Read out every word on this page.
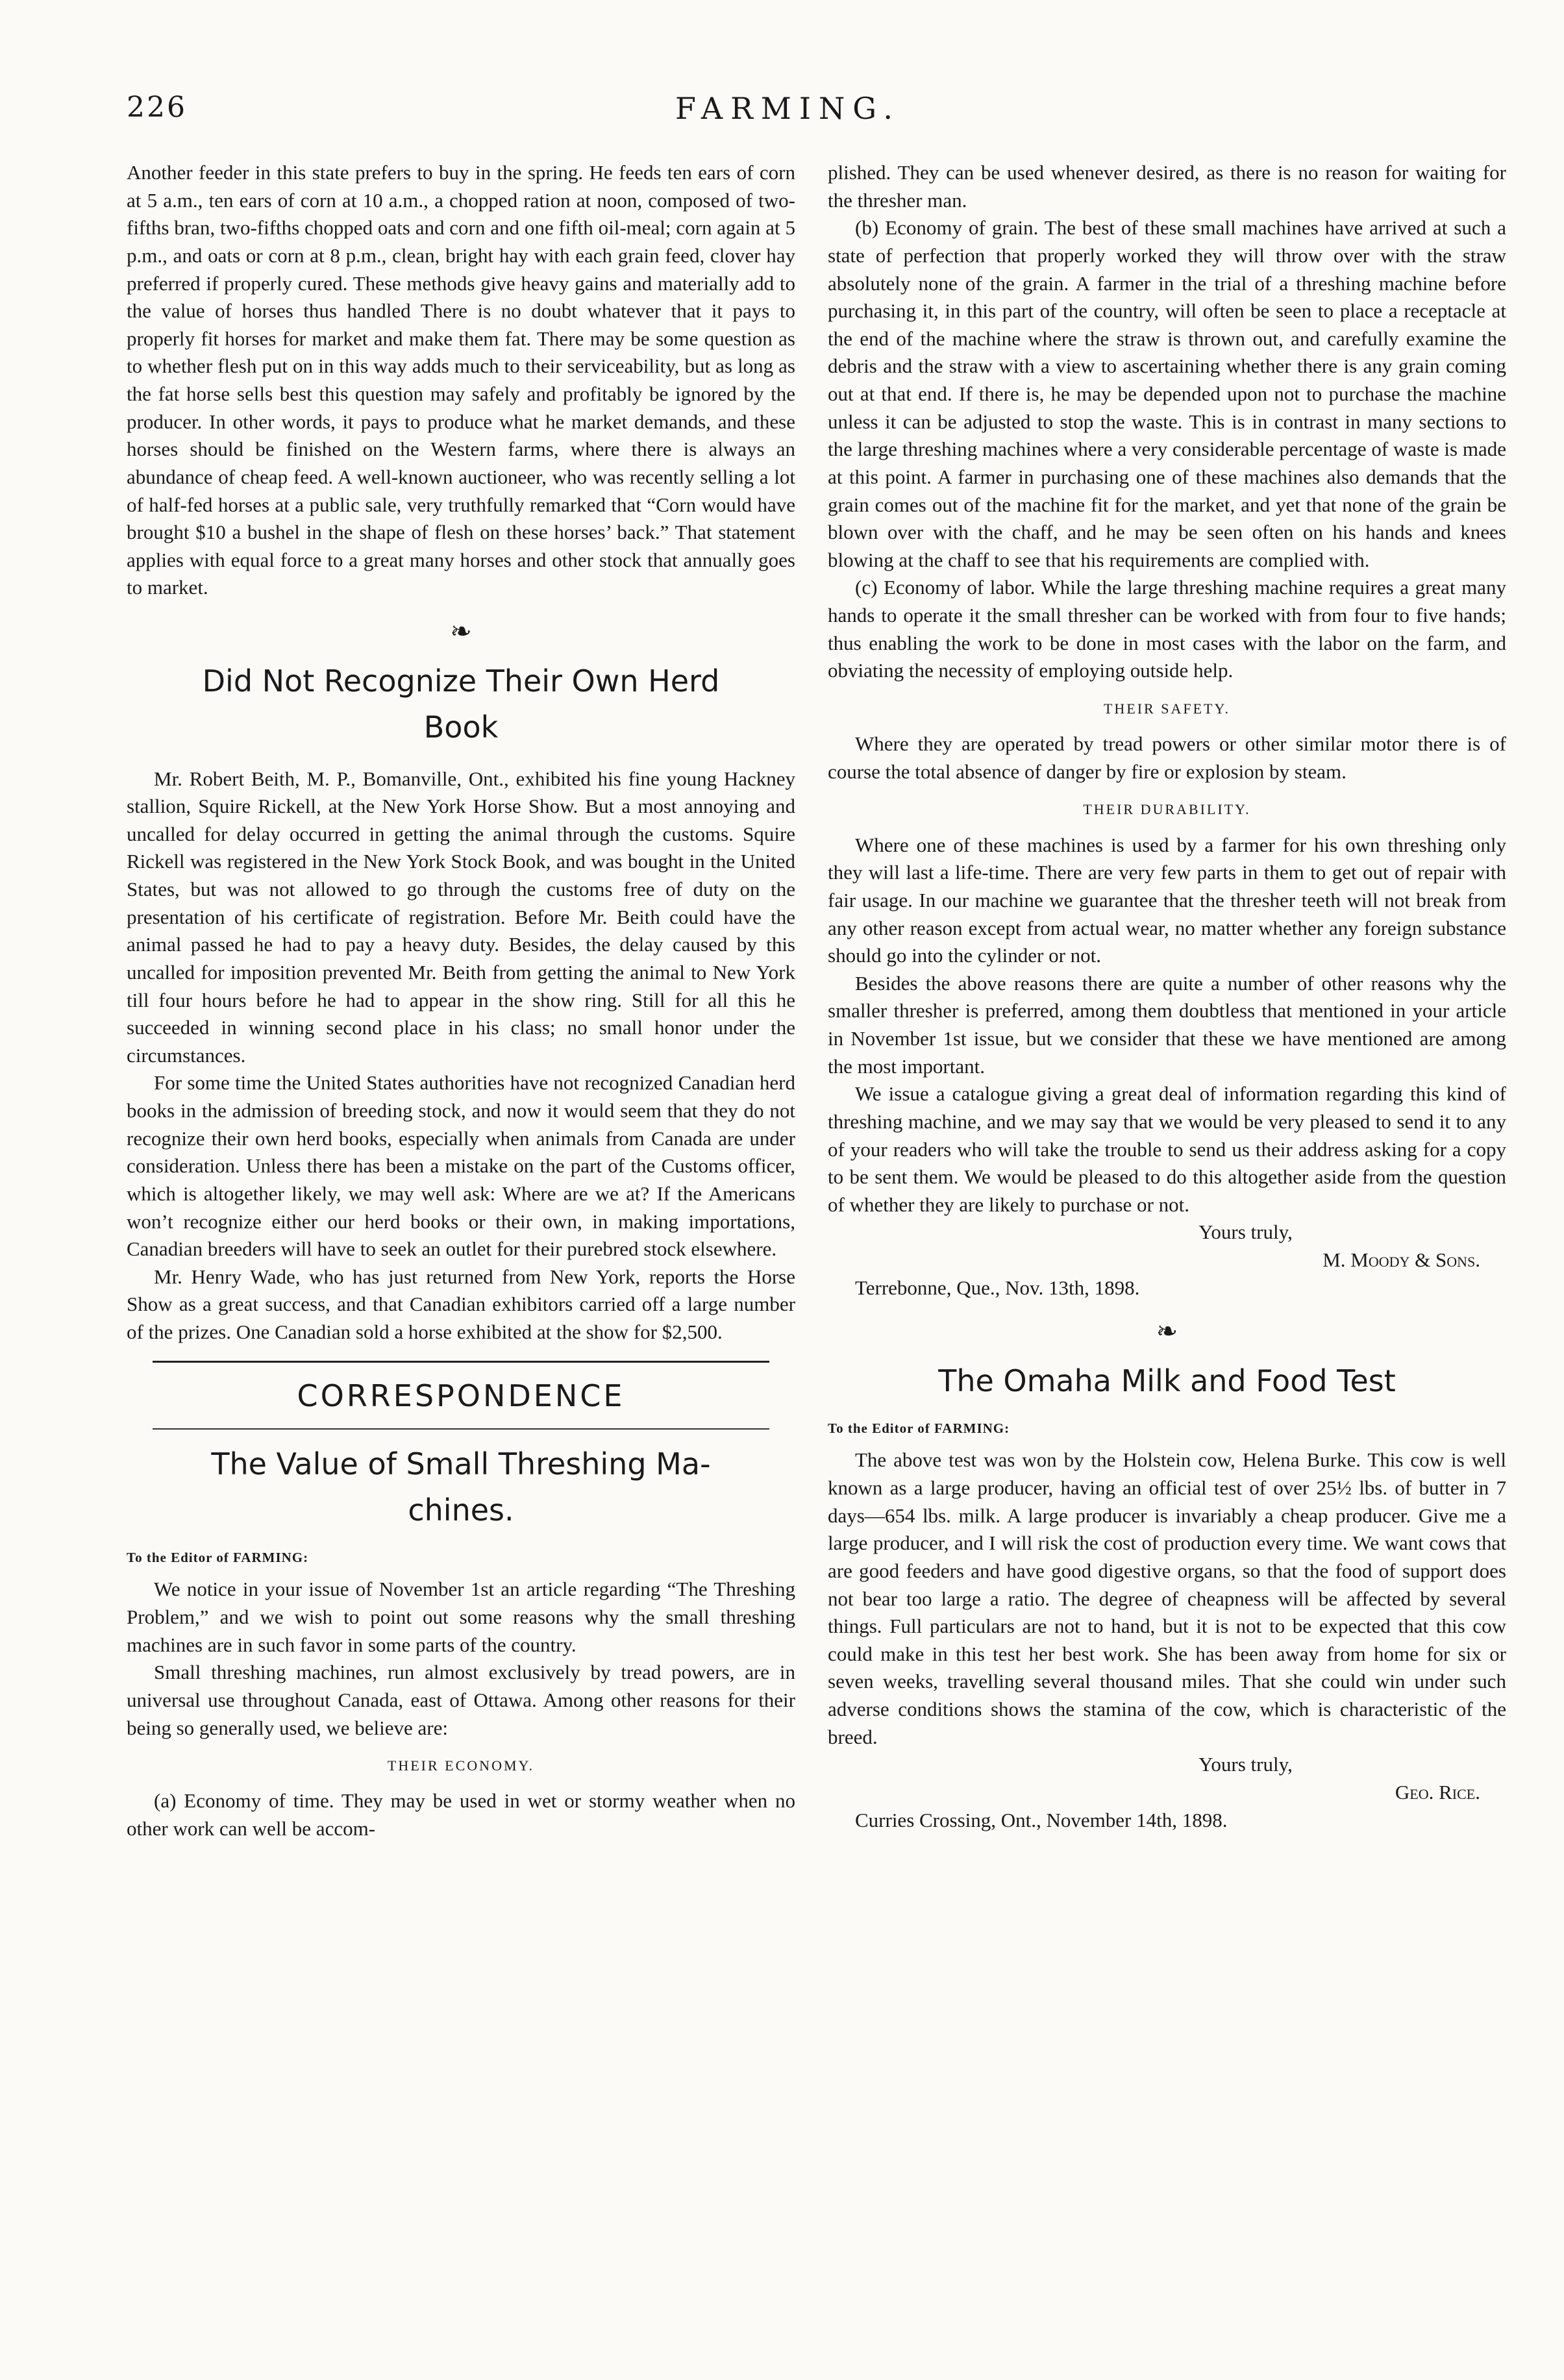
226	FARMING.

Another feeder in this state prefers to buy in the spring. He feeds ten ears of corn at 5 a.m., ten ears of corn at 10 a.m., a chopped ration at noon, composed of two-fifths bran, two-fifths chopped oats and corn and one fifth oil-meal; corn again at 5 p.m., and oats or corn at 8 p.m., clean, bright hay with each grain feed, clover hay preferred if properly cured. These methods give heavy gains and materially add to the value of horses thus handled There is no doubt whatever that it pays to properly fit horses for market and make them fat. There may be some question as to whether flesh put on in this way adds much to their serviceability, but as long as the fat horse sells best this question may safely and profitably be ignored by the producer. In other words, it pays to produce what he market demands, and these horses should be finished on the Western farms, where there is always an abundance of cheap feed. A well-known auctioneer, who was recently selling a lot of half-fed horses at a public sale, very truthfully remarked that “Corn would have brought $10 a bushel in the shape of flesh on these horses’ back.” That statement applies with equal force to a great many horses and other stock that annually goes to market.

❧
Did Not Recognize Their Own Herd
Book

Mr. Robert Beith, M. P., Bomanville, Ont., exhibited his fine young Hackney stallion, Squire Rickell, at the New York Horse Show. But a most annoying and uncalled for delay occurred in getting the animal through the customs. Squire Rickell was registered in the New York Stock Book, and was bought in the United States, but was not allowed to go through the customs free of duty on the presentation of his certificate of registration. Before Mr. Beith could have the animal passed he had to pay a heavy duty. Besides, the delay caused by this uncalled for imposition prevented Mr. Beith from getting the animal to New York till four hours before he had to appear in the show ring. Still for all this he succeeded in winning second place in his class; no small honor under the circumstances.

For some time the United States authorities have not recognized Canadian herd books in the admission of breeding stock, and now it would seem that they do not recognize their own herd books, especially when animals from Canada are under consideration. Unless there has been a mistake on the part of the Customs officer, which is altogether likely, we may well ask: Where are we at? If the Americans won’t recognize either our herd books or their own, in making importations, Canadian breeders will have to seek an outlet for their purebred stock elsewhere.

Mr. Henry Wade, who has just returned from New York, reports the Horse Show as a great success, and that Canadian exhibitors carried off a large number of the prizes. One Canadian sold a horse exhibited at the show for $2,500.

CORRESPONDENCE
The Value of Small Threshing Ma-
chines.
To the Editor of FARMING:

We notice in your issue of November 1st an article regarding “The Threshing Problem,” and we wish to point out some reasons why the small threshing machines are in such favor in some parts of the country.

Small threshing machines, run almost exclusively by tread powers, are in universal use throughout Canada, east of Ottawa. Among other reasons for their being so generally used, we believe are:

THEIR ECONOMY.

(a) Economy of time. They may be used in wet or stormy weather when no other work can well be accom-

plished. They can be used whenever desired, as there is no reason for waiting for the thresher man.

(b) Economy of grain. The best of these small machines have arrived at such a state of perfection that properly worked they will throw over with the straw absolutely none of the grain. A farmer in the trial of a threshing machine before purchasing it, in this part of the country, will often be seen to place a receptacle at the end of the machine where the straw is thrown out, and carefully examine the debris and the straw with a view to ascertaining whether there is any grain coming out at that end. If there is, he may be depended upon not to purchase the machine unless it can be adjusted to stop the waste. This is in contrast in many sections to the large threshing machines where a very considerable percentage of waste is made at this point. A farmer in purchasing one of these machines also demands that the grain comes out of the machine fit for the market, and yet that none of the grain be blown over with the chaff, and he may be seen often on his hands and knees blowing at the chaff to see that his requirements are complied with.

(c) Economy of labor. While the large threshing machine requires a great many hands to operate it the small thresher can be worked with from four to five hands; thus enabling the work to be done in most cases with the labor on the farm, and obviating the necessity of employing outside help.

THEIR SAFETY.

Where they are operated by tread powers or other similar motor there is of course the total absence of danger by fire or explosion by steam.

THEIR DURABILITY.

Where one of these machines is used by a farmer for his own threshing only they will last a life-time. There are very few parts in them to get out of repair with fair usage. In our machine we guarantee that the thresher teeth will not break from any other reason except from actual wear, no matter whether any foreign substance should go into the cylinder or not.

Besides the above reasons there are quite a number of other reasons why the smaller thresher is preferred, among them doubtless that mentioned in your article in November 1st issue, but we consider that these we have mentioned are among the most important.

We issue a catalogue giving a great deal of information regarding this kind of threshing machine, and we may say that we would be very pleased to send it to any of your readers who will take the trouble to send us their address asking for a copy to be sent them. We would be pleased to do this altogether aside from the question of whether they are likely to purchase or not.

Yours truly,

M. Moody & Sons.

Terrebonne, Que., Nov. 13th, 1898.

❧
The Omaha Milk and Food Test
To the Editor of FARMING:

The above test was won by the Holstein cow, Helena Burke. This cow is well known as a large producer, having an official test of over 25½ lbs. of butter in 7 days—654 lbs. milk. A large producer is invariably a cheap producer. Give me a large producer, and I will risk the cost of production every time. We want cows that are good feeders and have good digestive organs, so that the food of support does not bear too large a ratio. The degree of cheapness will be affected by several things. Full particulars are not to hand, but it is not to be expected that this cow could make in this test her best work. She has been away from home for six or seven weeks, travelling several thousand miles. That she could win under such adverse conditions shows the stamina of the cow, which is characteristic of the breed.

Yours truly,

Geo. Rice.

Curries Crossing, Ont., November 14th, 1898.
